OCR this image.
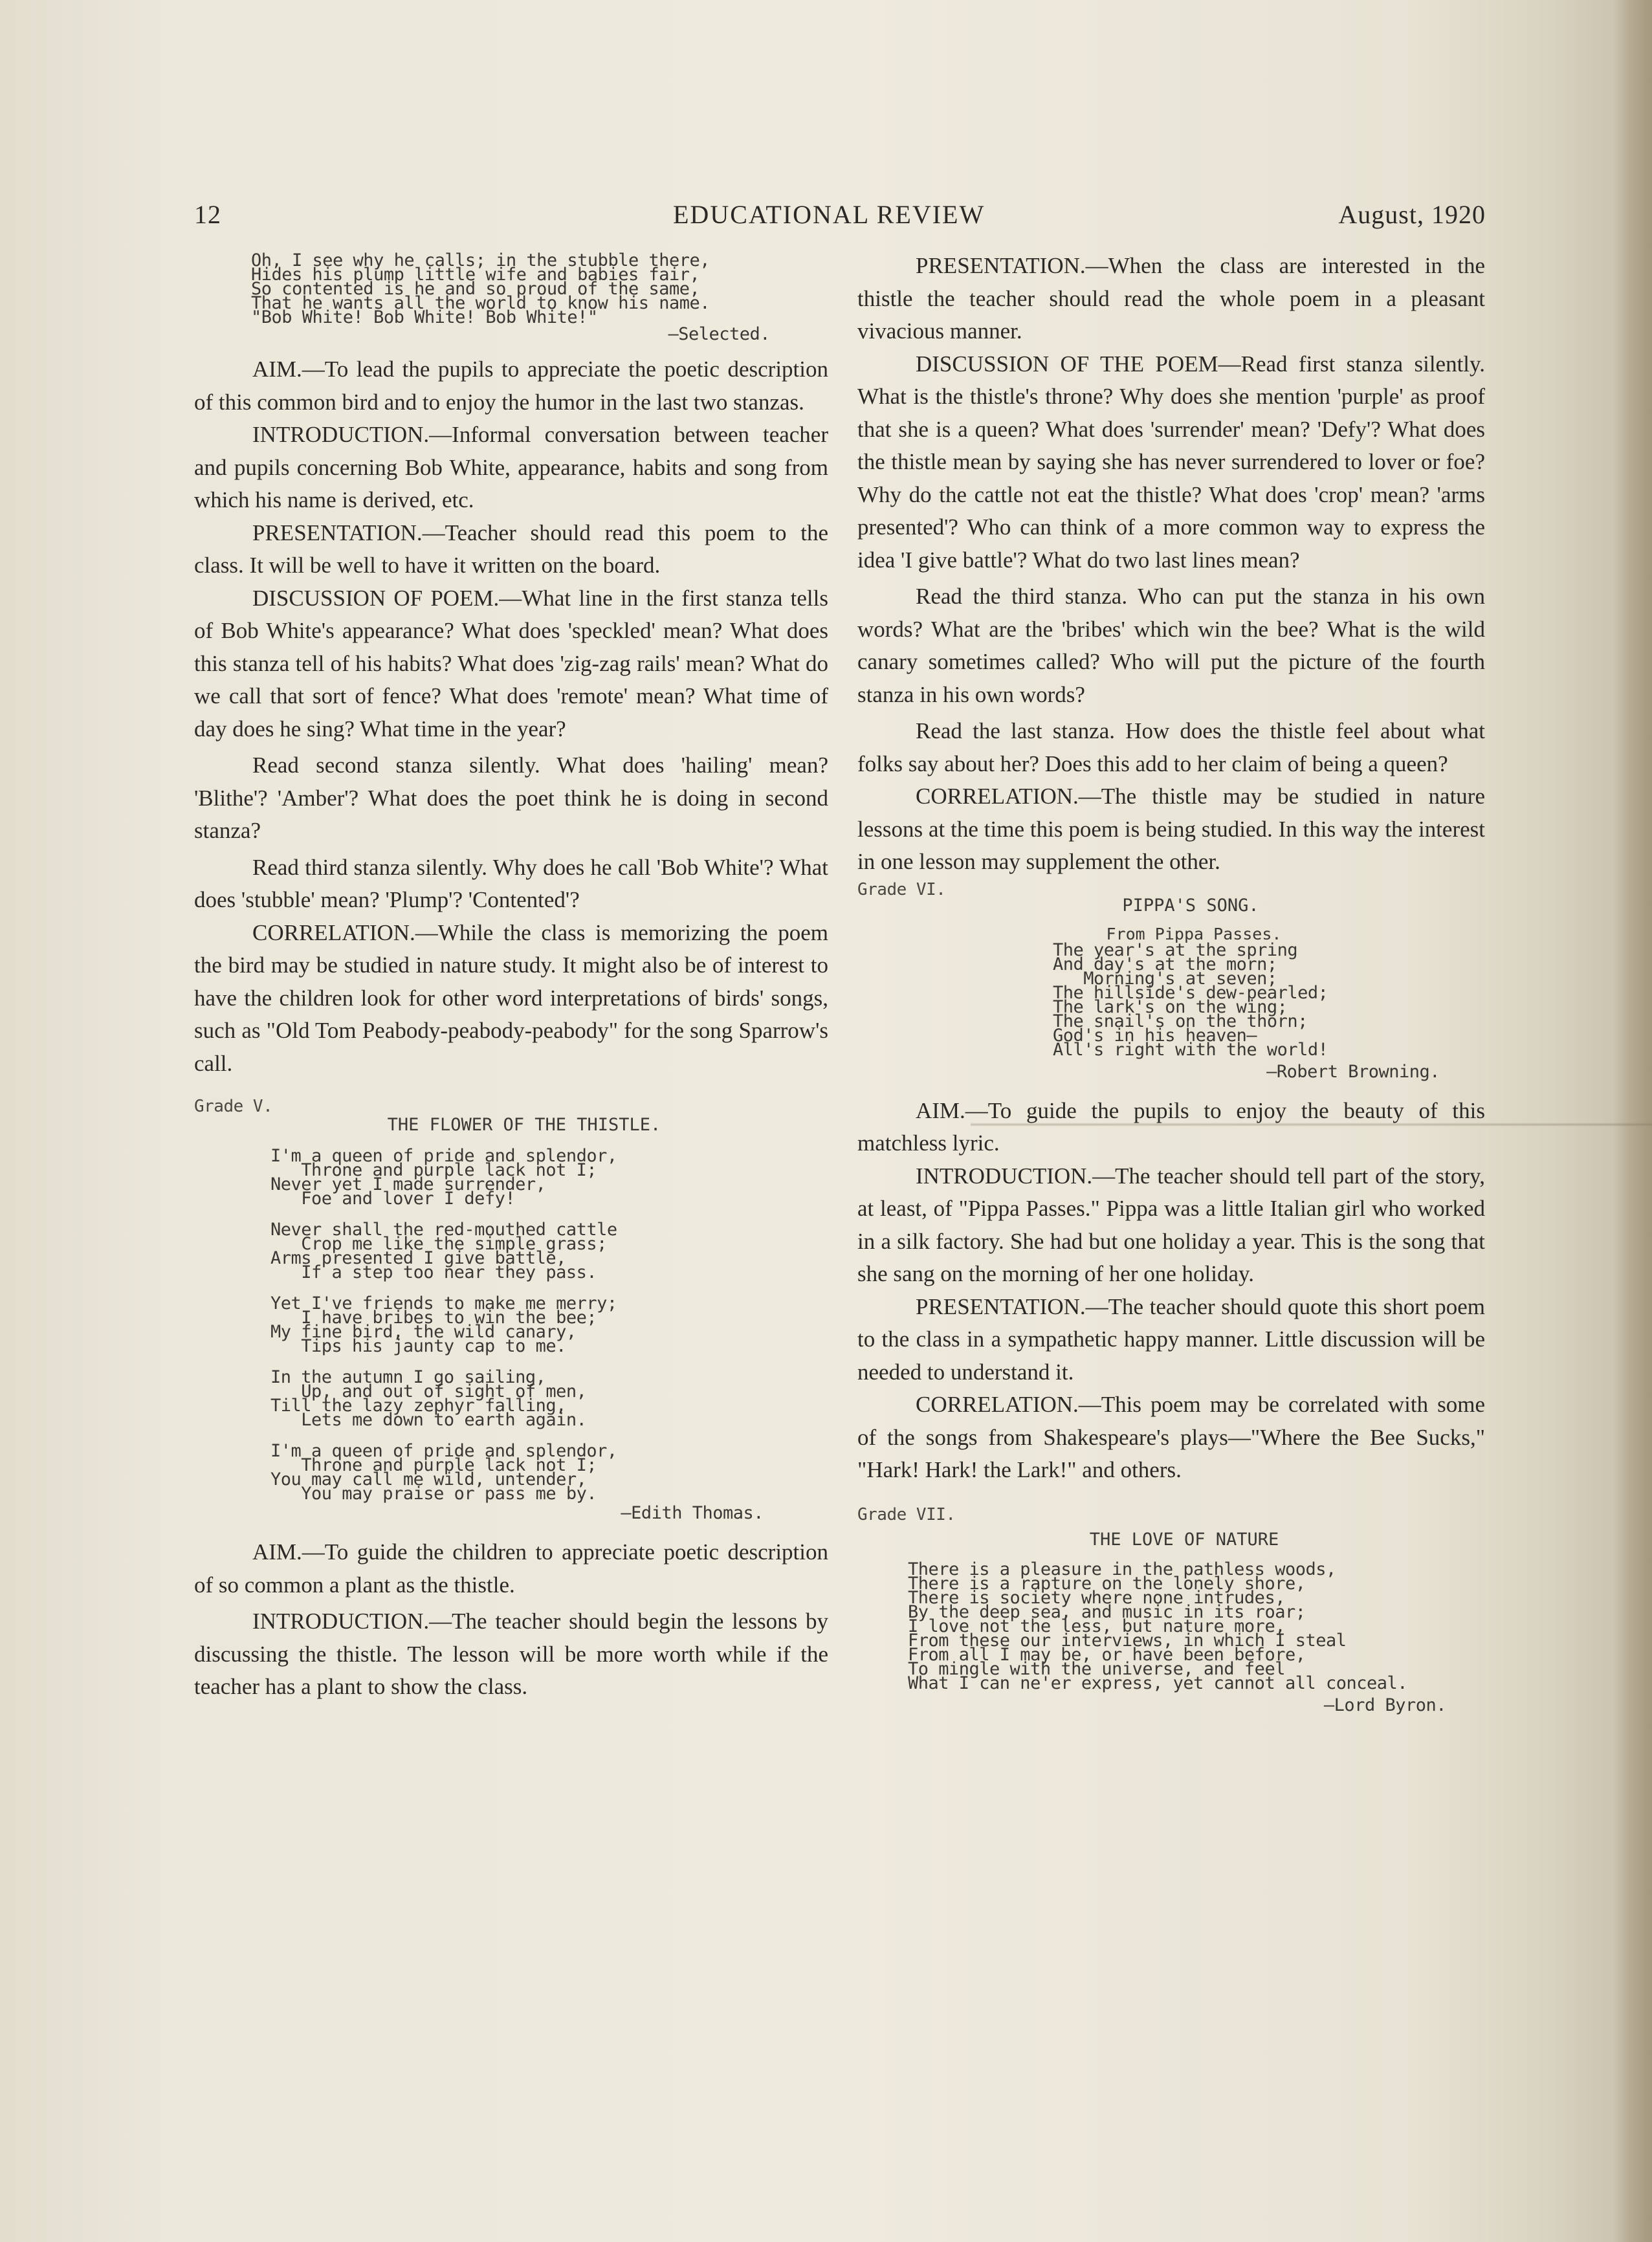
12	EDUCATIONAL REVIEW	August, 1920

Oh, I see why he calls; in the stubble there,
Hides his plump little wife and babies fair,
So contented is he and so proud of the same,
That he wants all the world to know his name.
"Bob White! Bob White! Bob White!"

—Selected.

AIM.—To lead the pupils to appreciate the poetic description of this common bird and to enjoy the humor in the last two stanzas.

INTRODUCTION.—Informal conversation between teacher and pupils concerning Bob White, appearance, habits and song from which his name is derived, etc.

PRESENTATION.—Teacher should read this poem to the class. It will be well to have it written on the board.

DISCUSSION OF POEM.—What line in the first stanza tells of Bob White's appearance? What does 'speckled' mean? What does this stanza tell of his habits? What does 'zig-zag rails' mean? What do we call that sort of fence? What does 'remote' mean? What time of day does he sing? What time in the year?

Read second stanza silently. What does 'hailing' mean? 'Blithe'? 'Amber'? What does the poet think he is doing in second stanza?

Read third stanza silently. Why does he call 'Bob White'? What does 'stubble' mean? 'Plump'? 'Contented'?

CORRELATION.—While the class is memorizing the poem the bird may be studied in nature study. It might also be of interest to have the children look for other word interpretations of birds' songs, such as "Old Tom Peabody-peabody-peabody" for the song Sparrow's call.

Grade V.

THE FLOWER OF THE THISTLE.

I'm a queen of pride and splendor,
Throne and purple lack not I;
Never yet I made surrender,
Foe and lover I defy!

Never shall the red-mouthed cattle
Crop me like the simple grass;
Arms presented I give battle,
If a step too near they pass.

Yet I've friends to make me merry;
I have bribes to win the bee;
My fine bird, the wild canary,
Tips his jaunty cap to me.

In the autumn I go sailing,
Up, and out of sight of men,
Till the lazy zephyr falling,
Lets me down to earth again.

I'm a queen of pride and splendor,
Throne and purple lack not I;
You may call me wild, untender,
You may praise or pass me by.

—Edith Thomas.

AIM.—To guide the children to appreciate poetic description of so common a plant as the thistle.

INTRODUCTION.—The teacher should begin the lessons by discussing the thistle. The lesson will be more worth while if the teacher has a plant to show the class.

PRESENTATION.—When the class are interested in the thistle the teacher should read the whole poem in a pleasant vivacious manner.

DISCUSSION OF THE POEM—Read first stanza silently. What is the thistle's throne? Why does she mention 'purple' as proof that she is a queen? What does 'surrender' mean? 'Defy'? What does the thistle mean by saying she has never surrendered to lover or foe? Why do the cattle not eat the thistle? What does 'crop' mean? 'arms presented'? Who can think of a more common way to express the idea 'I give battle'? What do two last lines mean?

Read the third stanza. Who can put the stanza in his own words? What are the 'bribes' which win the bee? What is the wild canary sometimes called? Who will put the picture of the fourth stanza in his own words?

Read the last stanza. How does the thistle feel about what folks say about her? Does this add to her claim of being a queen?

CORRELATION.—The thistle may be studied in nature lessons at the time this poem is being studied. In this way the interest in one lesson may supplement the other.

Grade VI.

PIPPA'S SONG.

From Pippa Passes.

The year's at the spring
And day's at the morn;
Morning's at seven;
The hillside's dew-pearled;
The lark's on the wing;
The snail's on the thorn;
God's in his heaven—
All's right with the world!

—Robert Browning.

AIM.—To guide the pupils to enjoy the beauty of this matchless lyric.

INTRODUCTION.—The teacher should tell part of the story, at least, of "Pippa Passes." Pippa was a little Italian girl who worked in a silk factory. She had but one holiday a year. This is the song that she sang on the morning of her one holiday.

PRESENTATION.—The teacher should quote this short poem to the class in a sympathetic happy manner. Little discussion will be needed to understand it.

CORRELATION.—This poem may be correlated with some of the songs from Shakespeare's plays—"Where the Bee Sucks," "Hark! Hark! the Lark!" and others.

Grade VII.

THE LOVE OF NATURE

There is a pleasure in the pathless woods,
There is a rapture on the lonely shore,
There is society where none intrudes,
By the deep sea, and music in its roar;
I love not the less, but nature more,
From these our interviews, in which I steal
From all I may be, or have been before,
To mingle with the universe, and feel
What I can ne'er express, yet cannot all conceal.

—Lord Byron.
